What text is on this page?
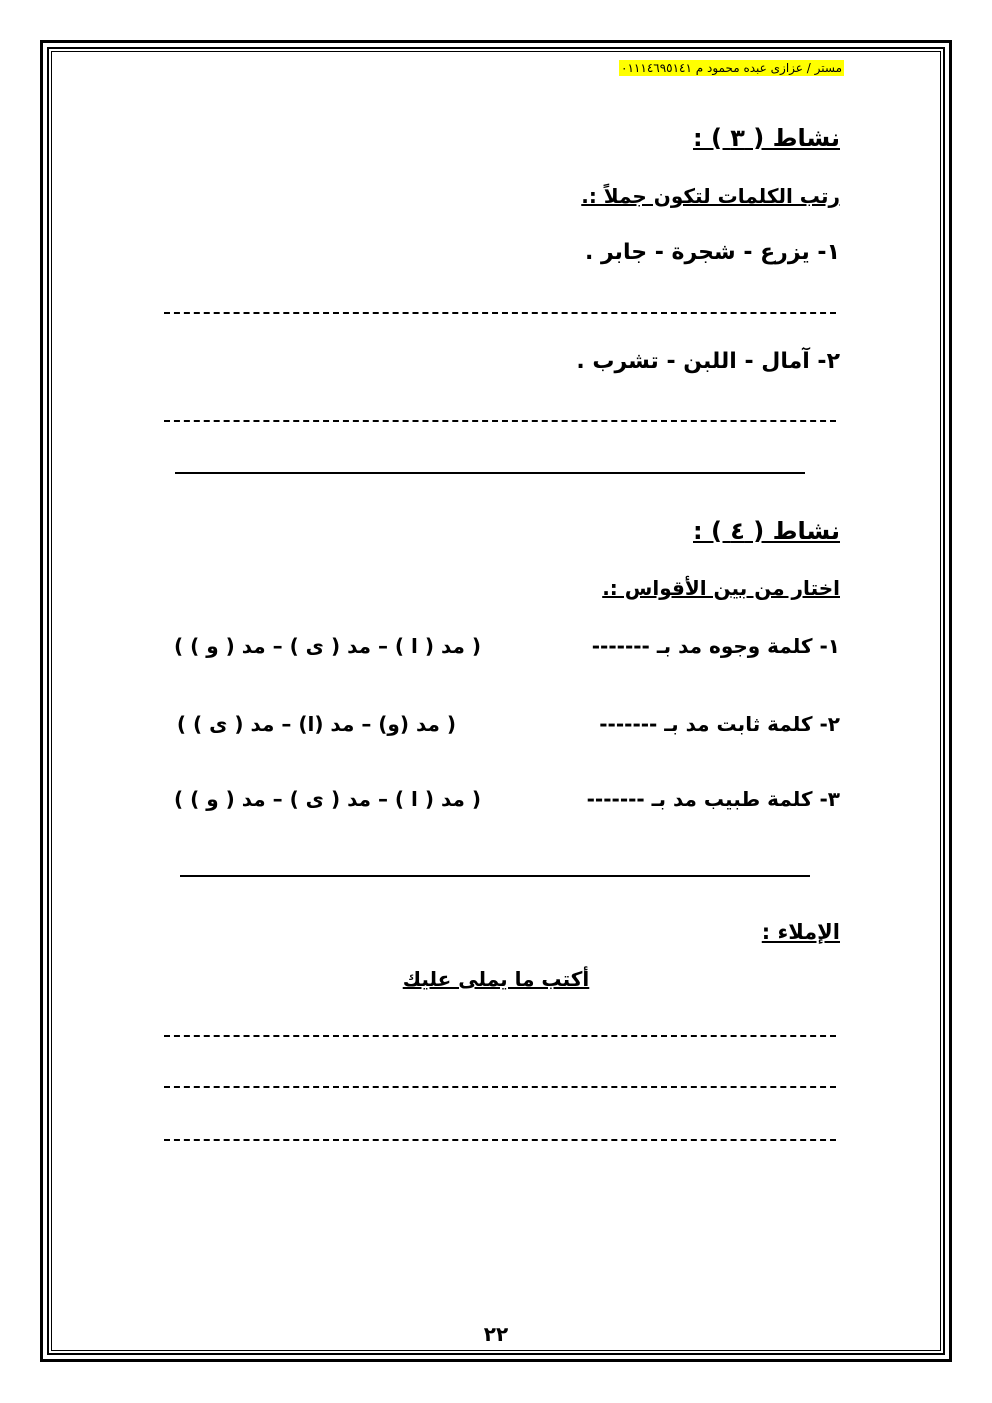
مستر / عزازى عبده محمود م ٠١١١٤٦٩٥١٤١
نشاط ( ٣ ) :
رتب الكلمات لتكون جملاً :.
١- يزرع - شجرة - جابر .
٢- آمال - اللبن - تشرب .
نشاط ( ٤ ) :
اختار من بين الأقواس :.
١- كلمة وجوه مد بـ -------
( مد ( ا ) – مد ( ى ) – مد ( و ) )
٢- كلمة ثابت مد بـ -------
( مد (و) – مد (ا) – مد ( ى ) )
٣- كلمة طبيب مد بـ -------
( مد ( ا ) – مد ( ى ) – مد ( و ) )
الإملاء :
أكتب ما يملى عليك
٢٢
